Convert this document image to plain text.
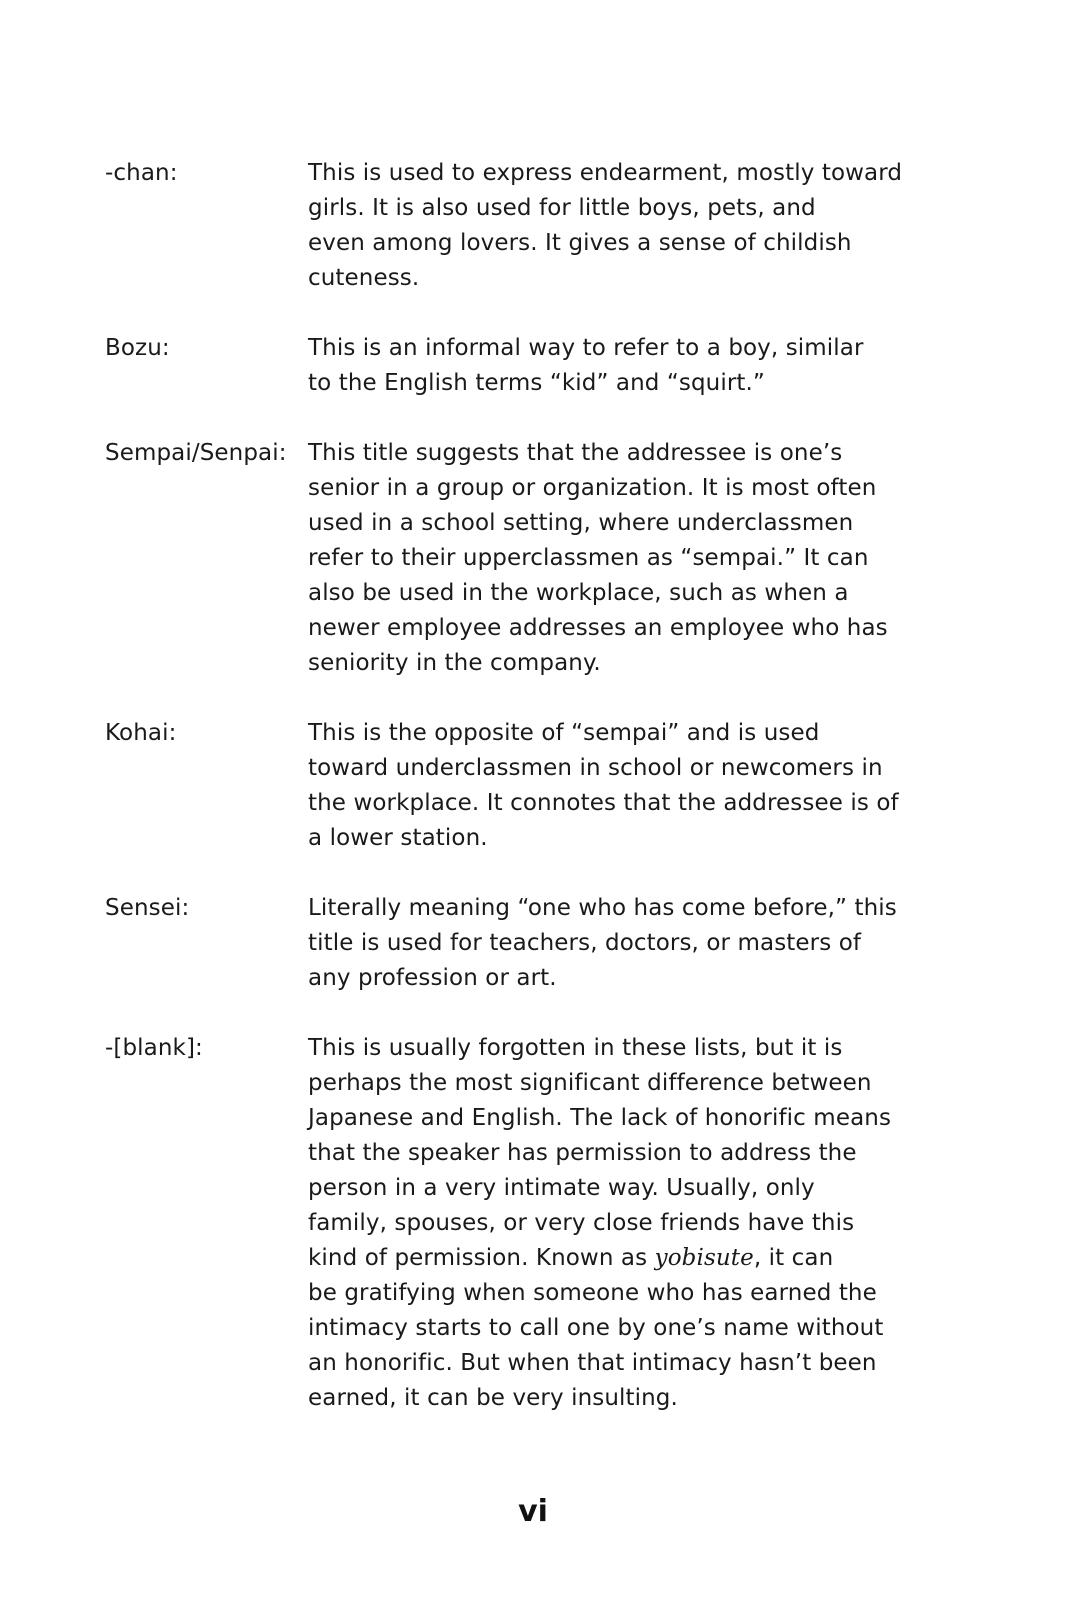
-chan:	This is used to express endearment, mostly toward
girls. It is also used for little boys, pets, and
even among lovers. It gives a sense of childish
cuteness.
Bozu:	This is an informal way to refer to a boy, similar
to the English terms “kid” and “squirt.”
Sempai/Senpai: This title suggests that the addressee is one’s
senior in a group or organization. It is most often
used in a school setting, where underclassmen
refer to their upperclassmen as “sempai.” It can
also be used in the workplace, such as when a
newer employee addresses an employee who has
seniority in the company.
Kohai:	This is the opposite of “sempai” and is used
toward underclassmen in school or newcomers in
the workplace. It connotes that the addressee is of
a lower station.
Sensei:	Literally meaning “one who has come before,” this
title is used for teachers, doctors, or masters of
any profession or art.
-[blank]:	This is usually forgotten in these lists, but it is
perhaps the most significant difference between
Japanese and English. The lack of honorific means
that the speaker has permission to address the
person in a very intimate way. Usually, only
family, spouses, or very close friends have this
kind of permission. Known as yobisute, it can
be gratifying when someone who has earned the
intimacy starts to call one by one’s name without
an honorific. But when that intimacy hasn’t been
earned, it can be very insulting.
vi
